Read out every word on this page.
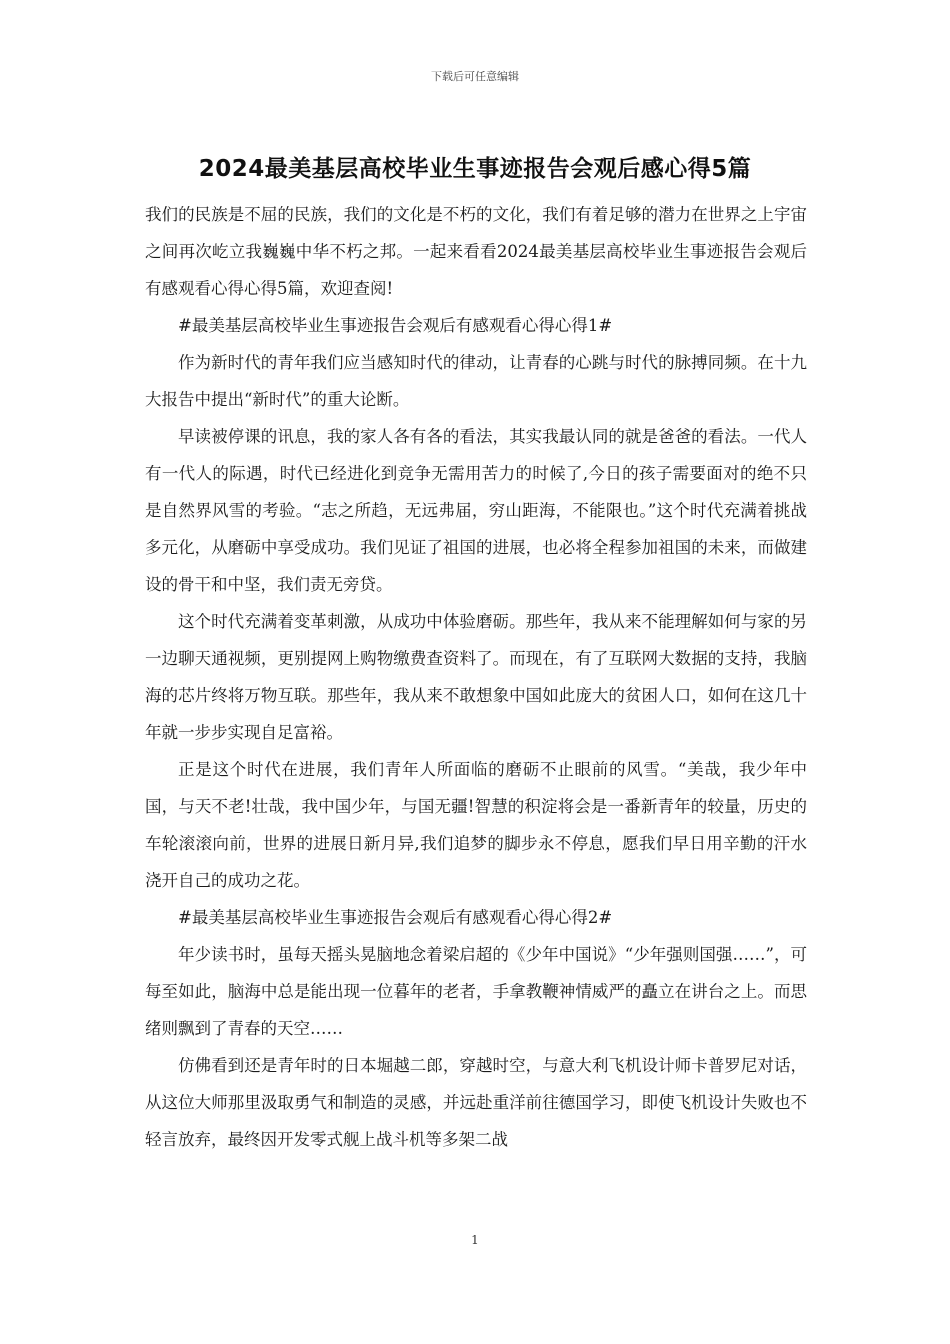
下载后可任意编辑
2024最美基层高校毕业生事迹报告会观后感心得5篇

我们的民族是不屈的民族，我们的文化是不朽的文化，我们有着足够的潜力在世界之上宇宙之间再次屹立我巍巍中华不朽之邦。一起来看看2024最美基层高校毕业生事迹报告会观后有感观看心得心得5篇，欢迎查阅!

#最美基层高校毕业生事迹报告会观后有感观看心得心得1#

作为新时代的青年我们应当感知时代的律动，让青春的心跳与时代的脉搏同频。在十九大报告中提出“新时代”的重大论断。

早读被停课的讯息，我的家人各有各的看法，其实我最认同的就是爸爸的看法。一代人有一代人的际遇，时代已经进化到竞争无需用苦力的时候了,今日的孩子需要面对的绝不只是自然界风雪的考验。“志之所趋，无远弗届，穷山距海，不能限也。”这个时代充满着挑战多元化，从磨砺中享受成功。我们见证了祖国的进展，也必将全程参加祖国的未来，而做建设的骨干和中坚，我们责无旁贷。

这个时代充满着变革刺激，从成功中体验磨砺。那些年，我从来不能理解如何与家的另一边聊天通视频，更别提网上购物缴费查资料了。而现在，有了互联网大数据的支持，我脑海的芯片终将万物互联。那些年，我从来不敢想象中国如此庞大的贫困人口，如何在这几十年就一步步实现自足富裕。

正是这个时代在进展，我们青年人所面临的磨砺不止眼前的风雪。“美哉，我少年中国，与天不老!壮哉，我中国少年，与国无疆!智慧的积淀将会是一番新青年的较量，历史的车轮滚滚向前，世界的进展日新月异,我们追梦的脚步永不停息，愿我们早日用辛勤的汗水浇开自己的成功之花。

#最美基层高校毕业生事迹报告会观后有感观看心得心得2#

年少读书时，虽每天摇头晃脑地念着梁启超的《少年中国说》“少年强则国强……”，可每至如此，脑海中总是能出现一位暮年的老者，手拿教鞭神情威严的矗立在讲台之上。而思绪则飘到了青春的天空……

仿佛看到还是青年时的日本堀越二郎，穿越时空，与意大利飞机设计师卡普罗尼对话，从这位大师那里汲取勇气和制造的灵感，并远赴重洋前往德国学习，即使飞机设计失败也不轻言放弃，最终因开发零式舰上战斗机等多架二战

1
